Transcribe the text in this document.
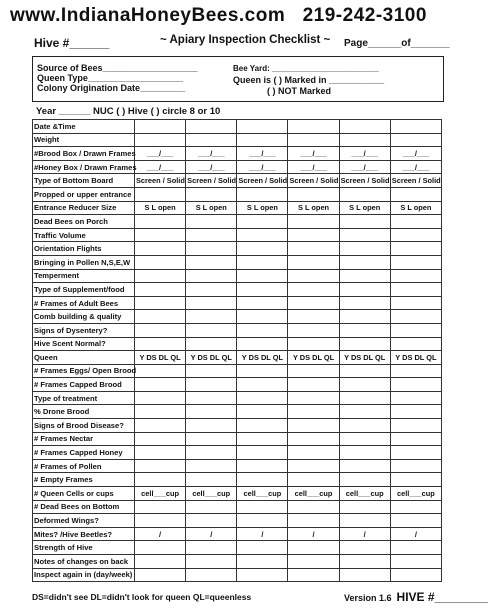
www.IndianaHoneyBees.com 219-242-3100
Hive #______	~ Apiary Inspection Checklist ~ Page______of_______
Source of Bees___________________
Queen Type___________________
Colony Origination Date_________
Bee Yard: ________________________
Queen is ( ) Marked in ___________
( ) NOT Marked
Year ______ NUC ( ) Hive ( ) circle 8 or 10
Date &Time						
Weight						
#Brood Box / Drawn Frames	___/___	___/___	___/___	___/___	___/___	___/___
#Honey Box / Drawn Frames	___/___	___/___	___/___	___/___	___/___	___/___
Type of Bottom Board	Screen / Solid	Screen / Solid	Screen / Solid	Screen / Solid	Screen / Solid	Screen / Solid
Propped or upper entrance						
Entrance Reducer Size	S L open	S L open	S L open	S L open	S L open	S L open
Dead Bees on Porch						
Traffic Volume						
Orientation Flights						
Bringing in Pollen N,S,E,W						
Temperment						
Type of Supplement/food						
# Frames of Adult Bees						
Comb building & quality						
Signs of Dysentery?						
Hive Scent Normal?						
Queen	Y DS DL QL	Y DS DL QL	Y DS DL QL	Y DS DL QL	Y DS DL QL	Y DS DL QL
# Frames Eggs/ Open Brood						
# Frames Capped Brood						
Type of treatment						
% Drone Brood						
Signs of Brood Disease?						
# Frames Nectar						
# Frames Capped Honey						
# Frames of Pollen						
# Empty Frames						
# Queen Cells or cups	cell___cup	cell___cup	cell___cup	cell___cup	cell___cup	cell___cup
# Dead Bees on Bottom						
Deformed Wings?						
Mites? /Hive Beetles?	/	/	/	/	/	/
Strength of Hive						
Notes of changes on back						
Inspect again in (day/week)						
DS=didn't see DL=didn't look for queen QL=queenless	Version 1.6 HIVE #________
